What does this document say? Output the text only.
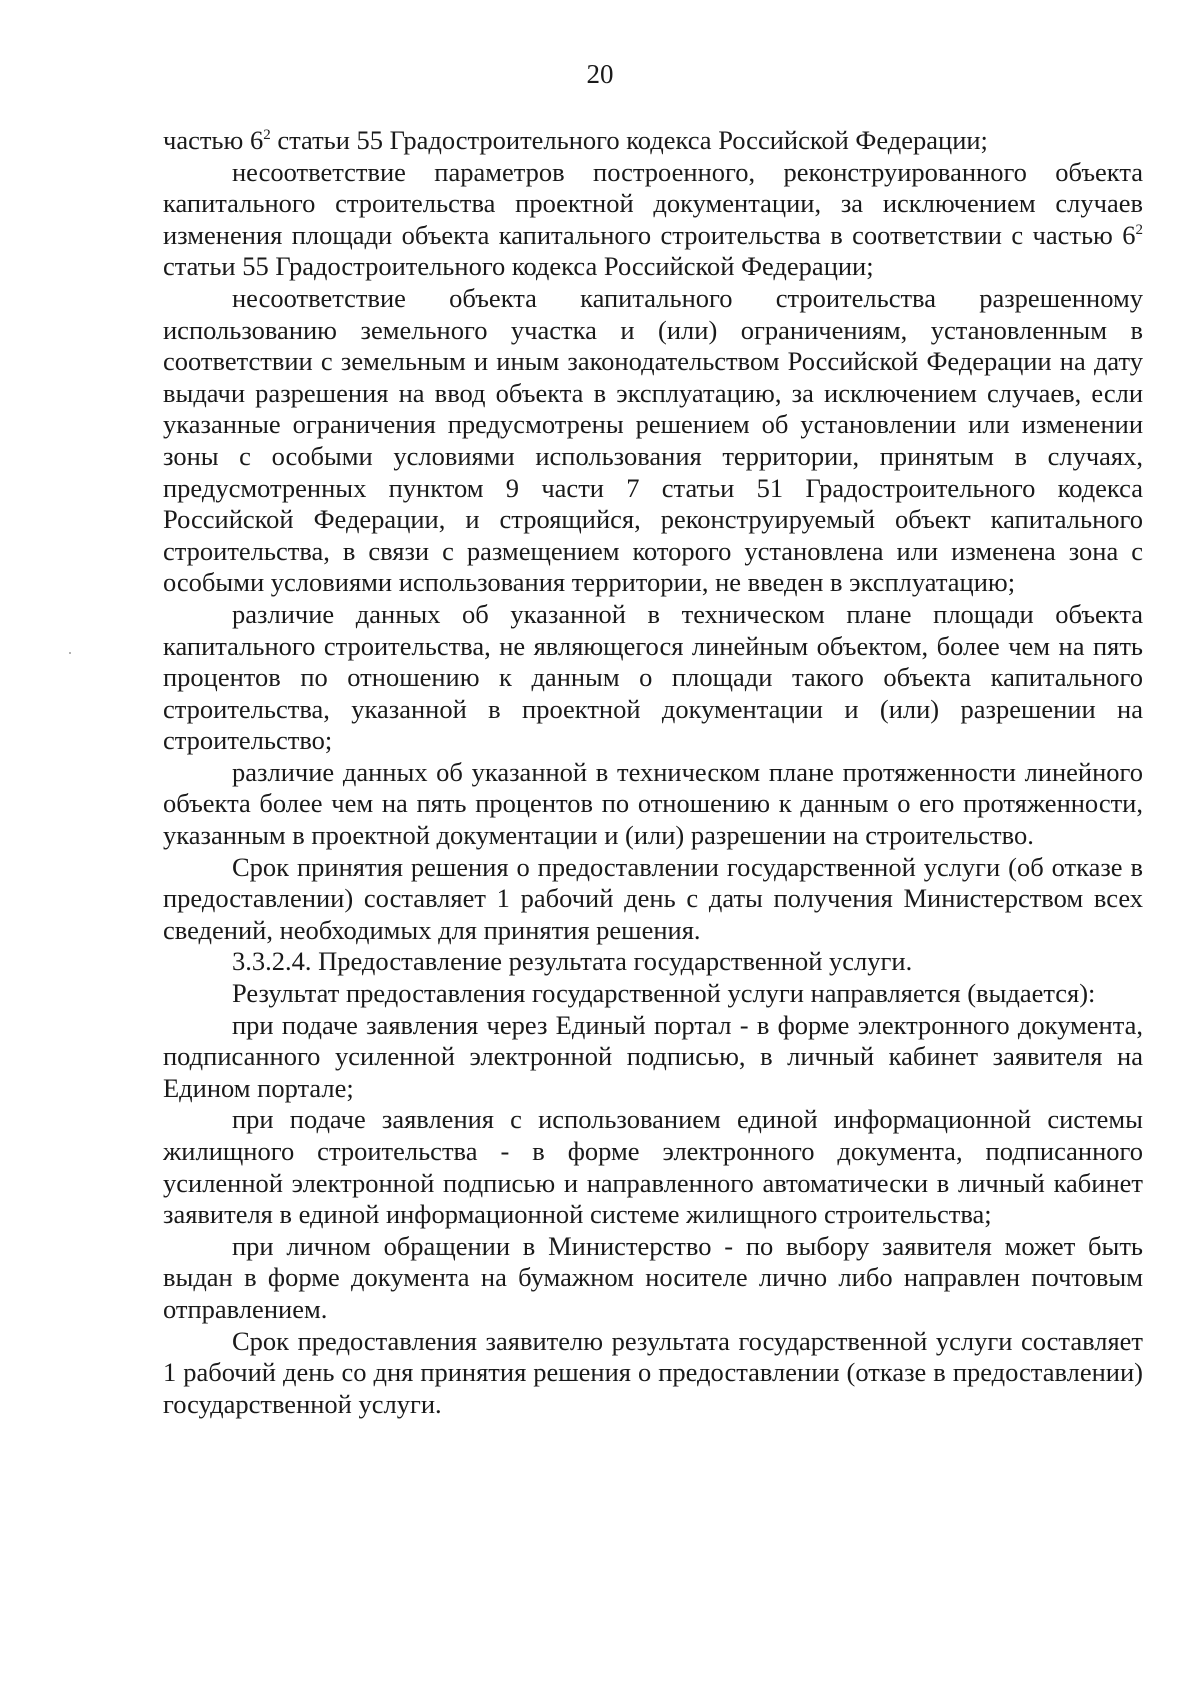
20

частью $6^2$ статьи 55 Градостроительного кодекса Российской Федерации;

несоответствие параметров построенного, реконструированного объекта капитального строительства проектной документации, за исключением случаев изменения площади объекта капитального строительства в соответствии с частью $6^2$ статьи 55 Градостроительного кодекса Российской Федерации;

несоответствие объекта капитального строительства разрешенному использованию земельного участка и (или) ограничениям, установленным в соответствии с земельным и иным законодательством Российской Федерации на дату выдачи разрешения на ввод объекта в эксплуатацию, за исключением случаев, если указанные ограничения предусмотрены решением об установлении или изменении зоны с особыми условиями использования территории, принятым в случаях, предусмотренных пунктом 9 части 7 статьи 51 Градостроительного кодекса Российской Федерации, и строящийся, реконструируемый объект капитального строительства, в связи с размещением которого установлена или изменена зона с особыми условиями использования территории, не введен в эксплуатацию;

различие данных об указанной в техническом плане площади объекта капитального строительства, не являющегося линейным объектом, более чем на пять процентов по отношению к данным о площади такого объекта капитального строительства, указанной в проектной документации и (или) разрешении на строительство;

различие данных об указанной в техническом плане протяженности линейного объекта более чем на пять процентов по отношению к данным о его протяженности, указанным в проектной документации и (или) разрешении на строительство.

Срок принятия решения о предоставлении государственной услуги (об отказе в предоставлении) составляет 1 рабочий день с даты получения Министерством всех сведений, необходимых для принятия решения.

3.3.2.4. Предоставление результата государственной услуги.

Результат предоставления государственной услуги направляется (выдается):

при подаче заявления через Единый портал - в форме электронного документа, подписанного усиленной электронной подписью, в личный кабинет заявителя на Едином портале;

при подаче заявления с использованием единой информационной системы жилищного строительства - в форме электронного документа, подписанного усиленной электронной подписью и направленного автоматически в личный кабинет заявителя в единой информационной системе жилищного строительства;

при личном обращении в Министерство - по выбору заявителя может быть выдан в форме документа на бумажном носителе лично либо направлен почтовым отправлением.

Срок предоставления заявителю результата государственной услуги составляет 1 рабочий день со дня принятия решения о предоставлении (отказе в предоставлении) государственной услуги.
